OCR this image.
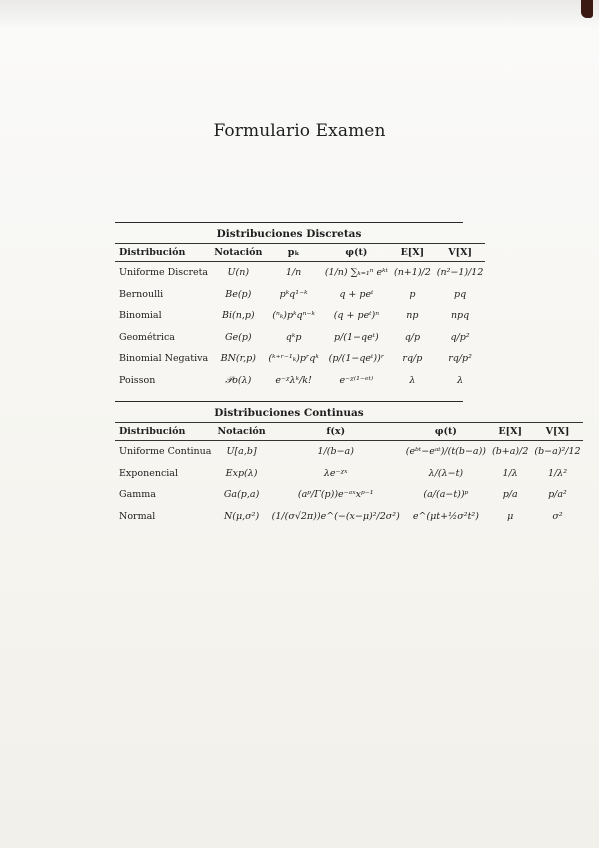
Formulario Examen
Distribuciones Discretas
Distribución	Notación	pₖ	φ(t)	E[X]	V[X]
Uniforme Discreta	U(n)	1/n	(1/n) ∑ₖ₌₁ⁿ eᵏᵗ	(n+1)/2	(n²−1)/12
Bernoulli	Be(p)	pᵏq¹⁻ᵏ	q + peᵗ	p	pq
Binomial	Bi(n,p)	(ⁿₖ)pᵏqⁿ⁻ᵏ	(q + peᵗ)ⁿ	np	npq
Geométrica	Ge(p)	qᵏp	p/(1−qeᵗ)	q/p	q/p²
Binomial Negativa	BN(r,p)	(ᵏ⁺ʳ⁻¹ₖ)pʳqᵏ	(p/(1−qeᵗ))ʳ	rq/p	rq/p²
Poisson	𝒫o(λ)	e⁻ᵡλᵏ/k!	e⁻ᵡ⁽¹⁻ᵉᵗ⁾	λ	λ
Distribuciones Continuas
Distribución	Notación	f(x)	φ(t)	E[X]	V[X]
Uniforme Continua	U[a,b]	1/(b−a)	(eᵇᵗ−eᵃᵗ)/(t(b−a))	(b+a)/2	(b−a)²/12
Exponencial	Exp(λ)	λe⁻ᵡˣ	λ/(λ−t)	1/λ	1/λ²
Gamma	Ga(p,a)	(aᵖ/Γ(p))e⁻ᵃˣxᵖ⁻¹	(a/(a−t))ᵖ	p/a	p/a²
Normal	N(μ,σ²)	(1/(σ√2π))e^(−(x−μ)²/2σ²)	e^(μt+½σ²t²)	μ	σ²
